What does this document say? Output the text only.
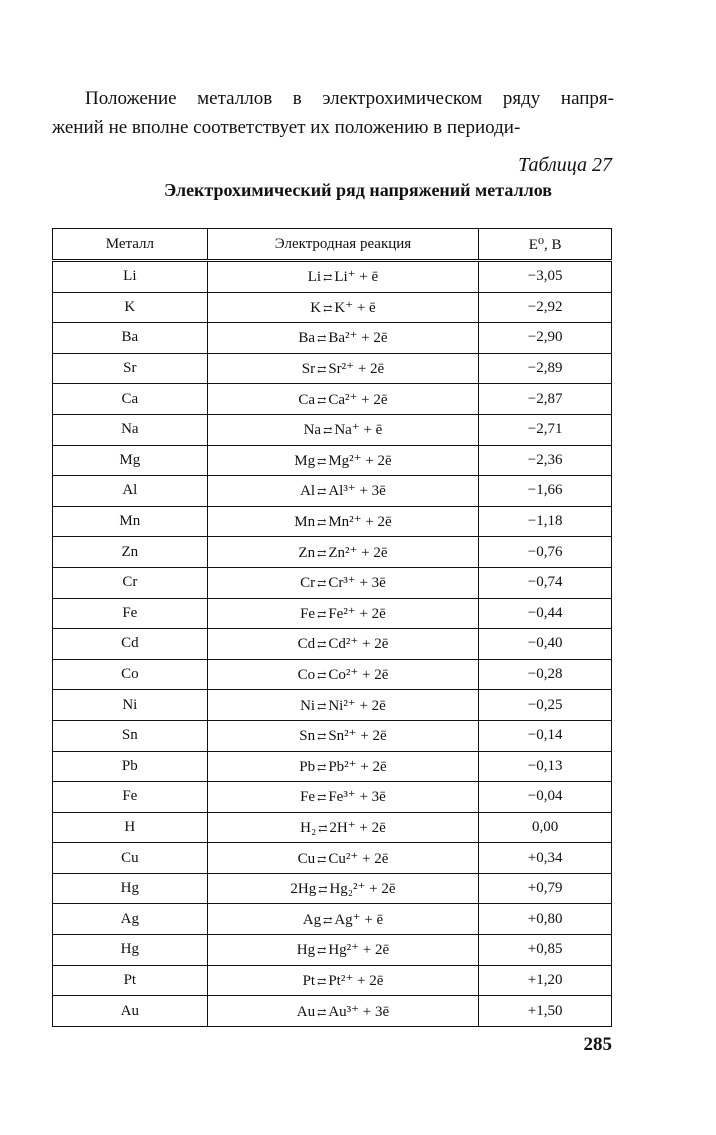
Положение металлов в электрохимическом ряду напря-
жений не вполне соответствует их положению в периоди-
Таблица 27
Электрохимический ряд напряжений металлов
Металл	Электродная реакция	E⁰, В
Li	Li ⇄ Li⁺ + ē	−3,05
K	K ⇄ K⁺ + ē	−2,92
Ba	Ba ⇄ Ba²⁺ + 2ē	−2,90
Sr	Sr ⇄ Sr²⁺ + 2ē	−2,89
Ca	Ca ⇄ Ca²⁺ + 2ē	−2,87
Na	Na ⇄ Na⁺ + ē	−2,71
Mg	Mg ⇄ Mg²⁺ + 2ē	−2,36
Al	Al ⇄ Al³⁺ + 3ē	−1,66
Mn	Mn ⇄ Mn²⁺ + 2ē	−1,18
Zn	Zn ⇄ Zn²⁺ + 2ē	−0,76
Cr	Cr ⇄ Cr³⁺ + 3ē	−0,74
Fe	Fe ⇄ Fe²⁺ + 2ē	−0,44
Cd	Cd ⇄ Cd²⁺ + 2ē	−0,40
Co	Co ⇄ Co²⁺ + 2ē	−0,28
Ni	Ni ⇄ Ni²⁺ + 2ē	−0,25
Sn	Sn ⇄ Sn²⁺ + 2ē	−0,14
Pb	Pb ⇄ Pb²⁺ + 2ē	−0,13
Fe	Fe ⇄ Fe³⁺ + 3ē	−0,04
H	H₂ ⇄ 2H⁺ + 2ē	0,00
Cu	Cu ⇄ Cu²⁺ + 2ē	+0,34
Hg	2Hg ⇄ Hg₂²⁺ + 2ē	+0,79
Ag	Ag ⇄ Ag⁺ + ē	+0,80
Hg	Hg ⇄ Hg²⁺ + 2ē	+0,85
Pt	Pt ⇄ Pt²⁺ + 2ē	+1,20
Au	Au ⇄ Au³⁺ + 3ē	+1,50
285
